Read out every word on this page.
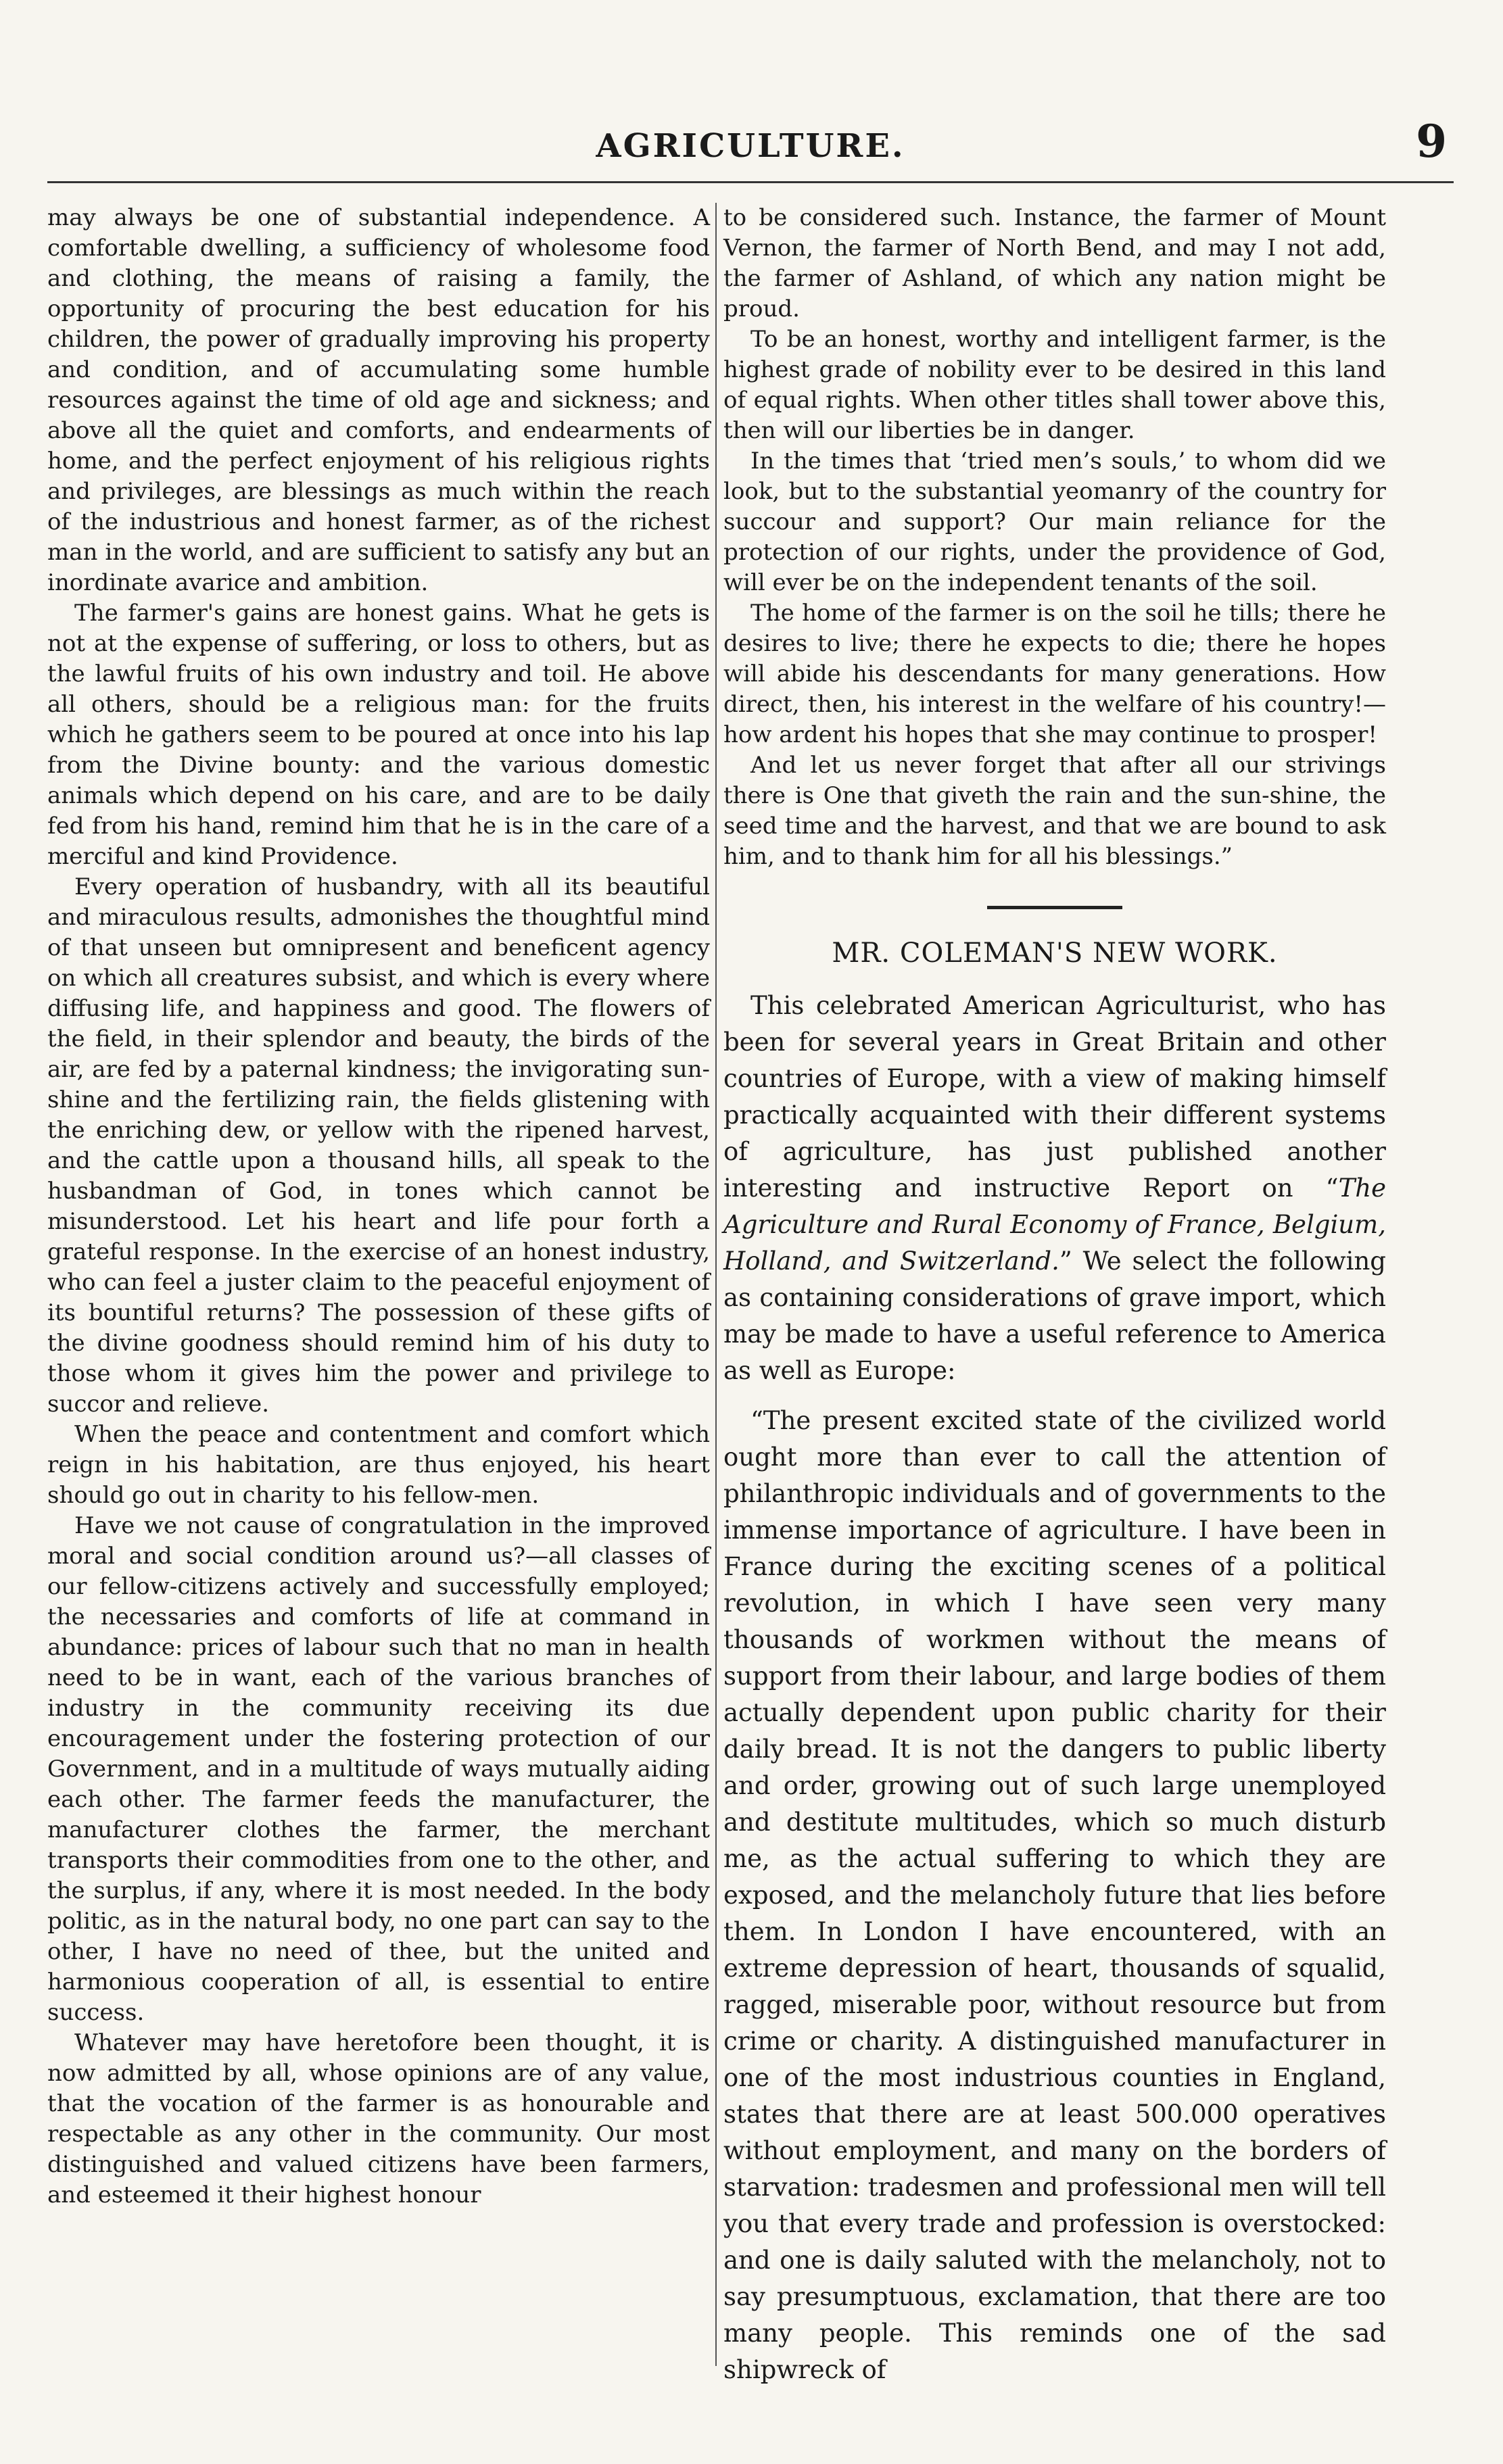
AGRICULTURE.	9

may always be one of substantial independence. A comfortable dwelling, a sufficiency of wholesome food and clothing, the means of raising a family, the opportunity of procuring the best education for his children, the power of gradually improving his property and condition, and of accumulating some humble resources against the time of old age and sickness; and above all the quiet and comforts, and endearments of home, and the perfect enjoyment of his religious rights and privileges, are blessings as much within the reach of the industrious and honest farmer, as of the richest man in the world, and are sufficient to satisfy any but an inordinate avarice and ambition.

The farmer's gains are honest gains. What he gets is not at the expense of suffering, or loss to others, but as the lawful fruits of his own industry and toil. He above all others, should be a religious man: for the fruits which he gathers seem to be poured at once into his lap from the Divine bounty: and the various domestic animals which depend on his care, and are to be daily fed from his hand, remind him that he is in the care of a merciful and kind Providence.

Every operation of husbandry, with all its beautiful and miraculous results, admonishes the thoughtful mind of that unseen but omnipresent and beneficent agency on which all creatures subsist, and which is every where diffusing life, and happiness and good. The flowers of the field, in their splendor and beauty, the birds of the air, are fed by a paternal kindness; the invigorating sun-shine and the fertilizing rain, the fields glistening with the enriching dew, or yellow with the ripened harvest, and the cattle upon a thousand hills, all speak to the husbandman of God, in tones which cannot be misunderstood. Let his heart and life pour forth a grateful response. In the exercise of an honest industry, who can feel a juster claim to the peaceful enjoyment of its bountiful returns? The possession of these gifts of the divine goodness should remind him of his duty to those whom it gives him the power and privilege to succor and relieve.

When the peace and contentment and comfort which reign in his habitation, are thus enjoyed, his heart should go out in charity to his fellow-men.

Have we not cause of congratulation in the improved moral and social condition around us?—all classes of our fellow-citizens actively and successfully employed; the necessaries and comforts of life at command in abundance: prices of labour such that no man in health need to be in want, each of the various branches of industry in the community receiving its due encouragement under the fostering protection of our Government, and in a multitude of ways mutually aiding each other. The farmer feeds the manufacturer, the manufacturer clothes the farmer, the merchant transports their commodities from one to the other, and the surplus, if any, where it is most needed. In the body politic, as in the natural body, no one part can say to the other, I have no need of thee, but the united and harmonious cooperation of all, is essential to entire success.

Whatever may have heretofore been thought, it is now admitted by all, whose opinions are of any value, that the vocation of the farmer is as honourable and respectable as any other in the community. Our most distinguished and valued citizens have been farmers, and esteemed it their highest honour

to be considered such. Instance, the farmer of Mount Vernon, the farmer of North Bend, and may I not add, the farmer of Ashland, of which any nation might be proud.

To be an honest, worthy and intelligent farmer, is the highest grade of nobility ever to be desired in this land of equal rights. When other titles shall tower above this, then will our liberties be in danger.

In the times that ‘tried men’s souls,’ to whom did we look, but to the substantial yeomanry of the country for succour and support? Our main reliance for the protection of our rights, under the providence of God, will ever be on the independent tenants of the soil.

The home of the farmer is on the soil he tills; there he desires to live; there he expects to die; there he hopes will abide his descendants for many generations. How direct, then, his interest in the welfare of his country!—how ardent his hopes that she may continue to prosper!

And let us never forget that after all our strivings there is One that giveth the rain and the sun-shine, the seed time and the harvest, and that we are bound to ask him, and to thank him for all his blessings.”

MR. COLEMAN'S NEW WORK.

This celebrated American Agriculturist, who has been for several years in Great Britain and other countries of Europe, with a view of making himself practically acquainted with their different systems of agriculture, has just published another interesting and instructive Report on “The Agriculture and Rural Economy of France, Belgium, Holland, and Switzerland.” We select the following as containing considerations of grave import, which may be made to have a useful reference to America as well as Europe:

“The present excited state of the civilized world ought more than ever to call the attention of philanthropic individuals and of governments to the immense importance of agriculture. I have been in France during the exciting scenes of a political revolution, in which I have seen very many thousands of workmen without the means of support from their labour, and large bodies of them actually dependent upon public charity for their daily bread. It is not the dangers to public liberty and order, growing out of such large unemployed and destitute multitudes, which so much disturb me, as the actual suffering to which they are exposed, and the melancholy future that lies before them. In London I have encountered, with an extreme depression of heart, thousands of squalid, ragged, miserable poor, without resource but from crime or charity. A distinguished manufacturer in one of the most industrious counties in England, states that there are at least 500.000 operatives without employment, and many on the borders of starvation: tradesmen and professional men will tell you that every trade and profession is overstocked: and one is daily saluted with the melancholy, not to say presumptuous, exclamation, that there are too many people. This reminds one of the sad shipwreck of
